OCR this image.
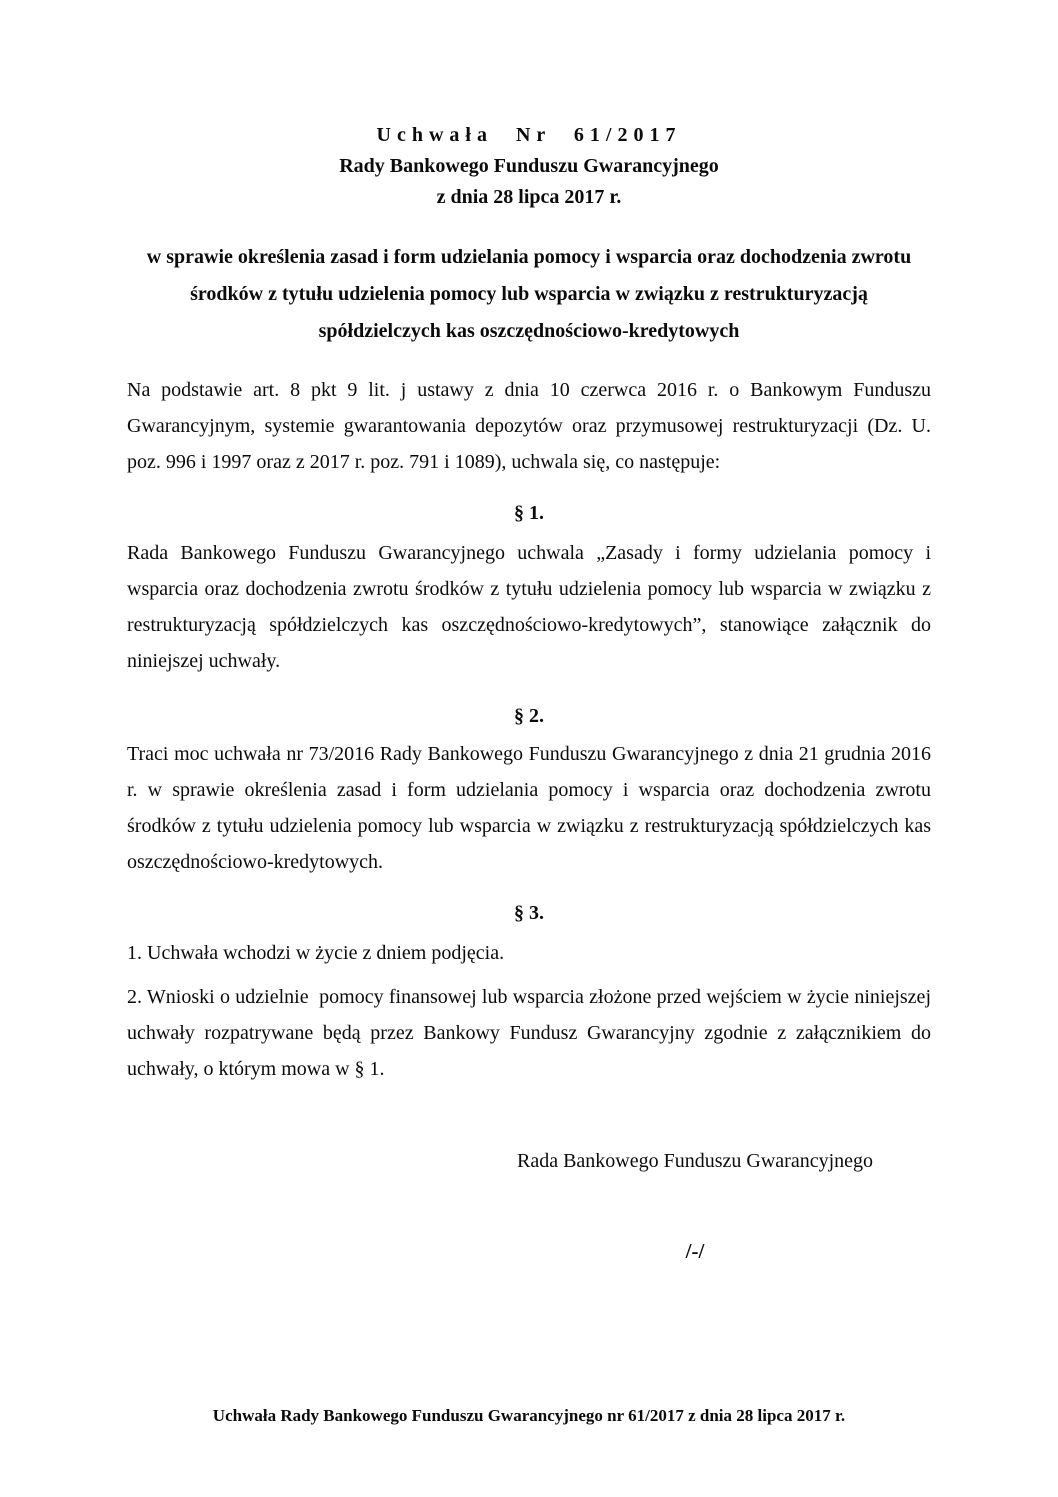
Uchwała Nr 61/2017
Rady Bankowego Funduszu Gwarancyjnego
z dnia 28 lipca 2017 r.
w sprawie określenia zasad i form udzielania pomocy i wsparcia oraz dochodzenia zwrotu środków z tytułu udzielenia pomocy lub wsparcia w związku z restrukturyzacją spółdzielczych kas oszczędnościowo-kredytowych

Na podstawie art. 8 pkt 9 lit. j ustawy z dnia 10 czerwca 2016 r. o Bankowym Funduszu Gwarancyjnym, systemie gwarantowania depozytów oraz przymusowej restrukturyzacji (Dz. U. poz. 996 i 1997 oraz z 2017 r. poz. 791 i 1089), uchwala się, co następuje:

§ 1.

Rada Bankowego Funduszu Gwarancyjnego uchwala „Zasady i formy udzielania pomocy i wsparcia oraz dochodzenia zwrotu środków z tytułu udzielenia pomocy lub wsparcia w związku z restrukturyzacją spółdzielczych kas oszczędnościowo-kredytowych”, stanowiące załącznik do niniejszej uchwały.

§ 2.

Traci moc uchwała nr 73/2016 Rady Bankowego Funduszu Gwarancyjnego z dnia 21 grudnia 2016 r. w sprawie określenia zasad i form udzielania pomocy i wsparcia oraz dochodzenia zwrotu środków z tytułu udzielenia pomocy lub wsparcia w związku z restrukturyzacją spółdzielczych kas oszczędnościowo-kredytowych.

§ 3.

1. Uchwała wchodzi w życie z dniem podjęcia.

2. Wnioski o udzielnie  pomocy finansowej lub wsparcia złożone przed wejściem w życie niniejszej uchwały rozpatrywane będą przez Bankowy Fundusz Gwarancyjny zgodnie z załącznikiem do uchwały, o którym mowa w § 1.

Rada Bankowego Funduszu Gwarancyjnego
/-/
Uchwała Rady Bankowego Funduszu Gwarancyjnego nr 61/2017 z dnia 28 lipca 2017 r.
